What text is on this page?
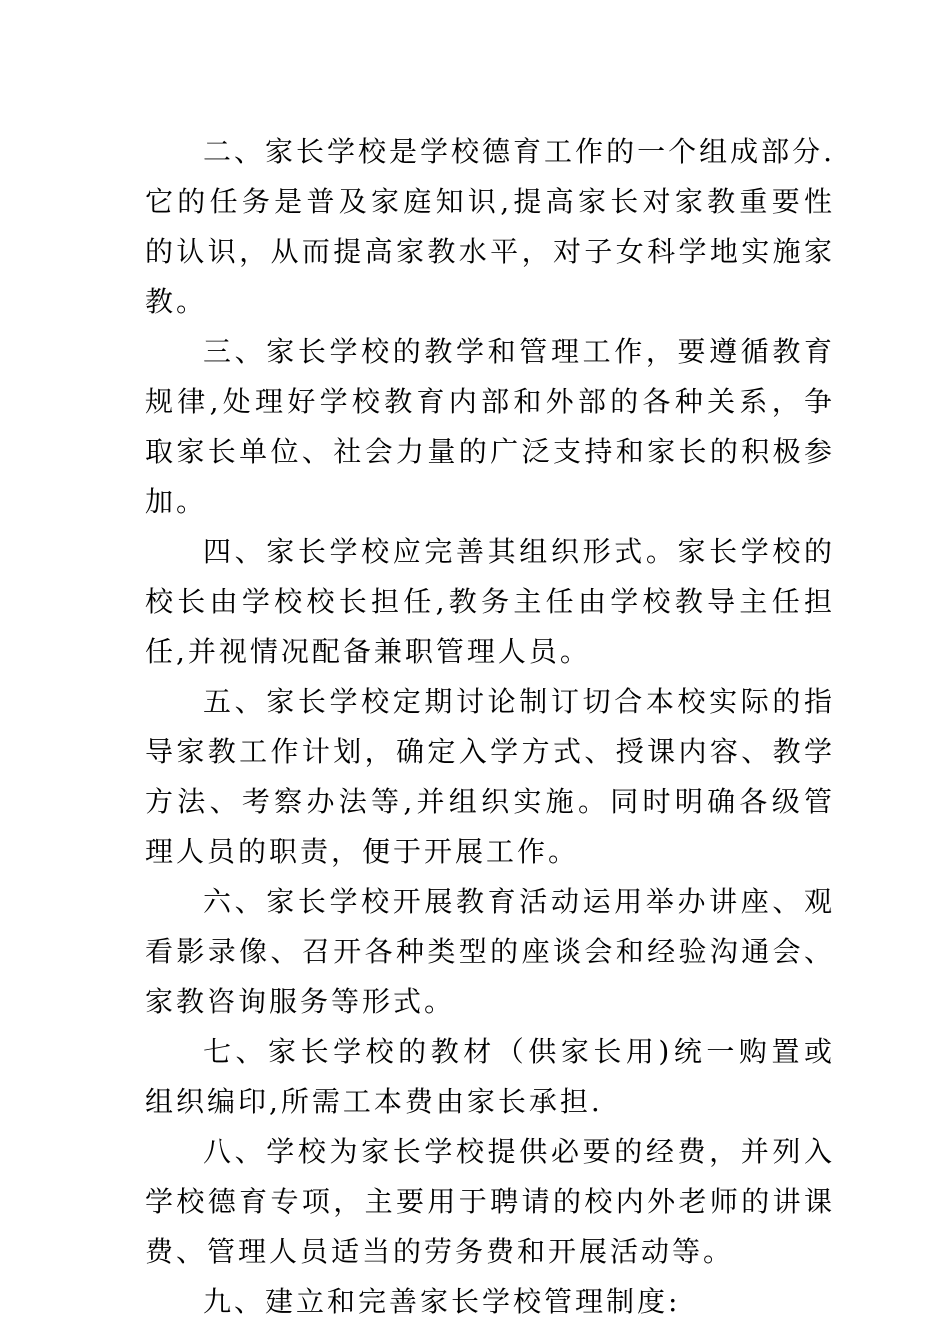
二、家长学校是学校德育工作的一个组成部分.它的任务是普及家庭知识,提高家长对家教重要性的认识，从而提高家教水平，对子女科学地实施家教。

三、家长学校的教学和管理工作，要遵循教育规律,处理好学校教育内部和外部的各种关系，争取家长单位、社会力量的广泛支持和家长的积极参加。

四、家长学校应完善其组织形式。家长学校的校长由学校校长担任,教务主任由学校教导主任担任,并视情况配备兼职管理人员。

五、家长学校定期讨论制订切合本校实际的指导家教工作计划，确定入学方式、授课内容、教学方法、考察办法等,并组织实施。同时明确各级管理人员的职责，便于开展工作。

六、家长学校开展教育活动运用举办讲座、观看影录像、召开各种类型的座谈会和经验沟通会、家教咨询服务等形式。

七、家长学校的教材（供家长用)统一购置或组织编印,所需工本费由家长承担.

八、学校为家长学校提供必要的经费，并列入学校德育专项，主要用于聘请的校内外老师的讲课费、管理人员适当的劳务费和开展活动等。

九、建立和完善家长学校管理制度:
